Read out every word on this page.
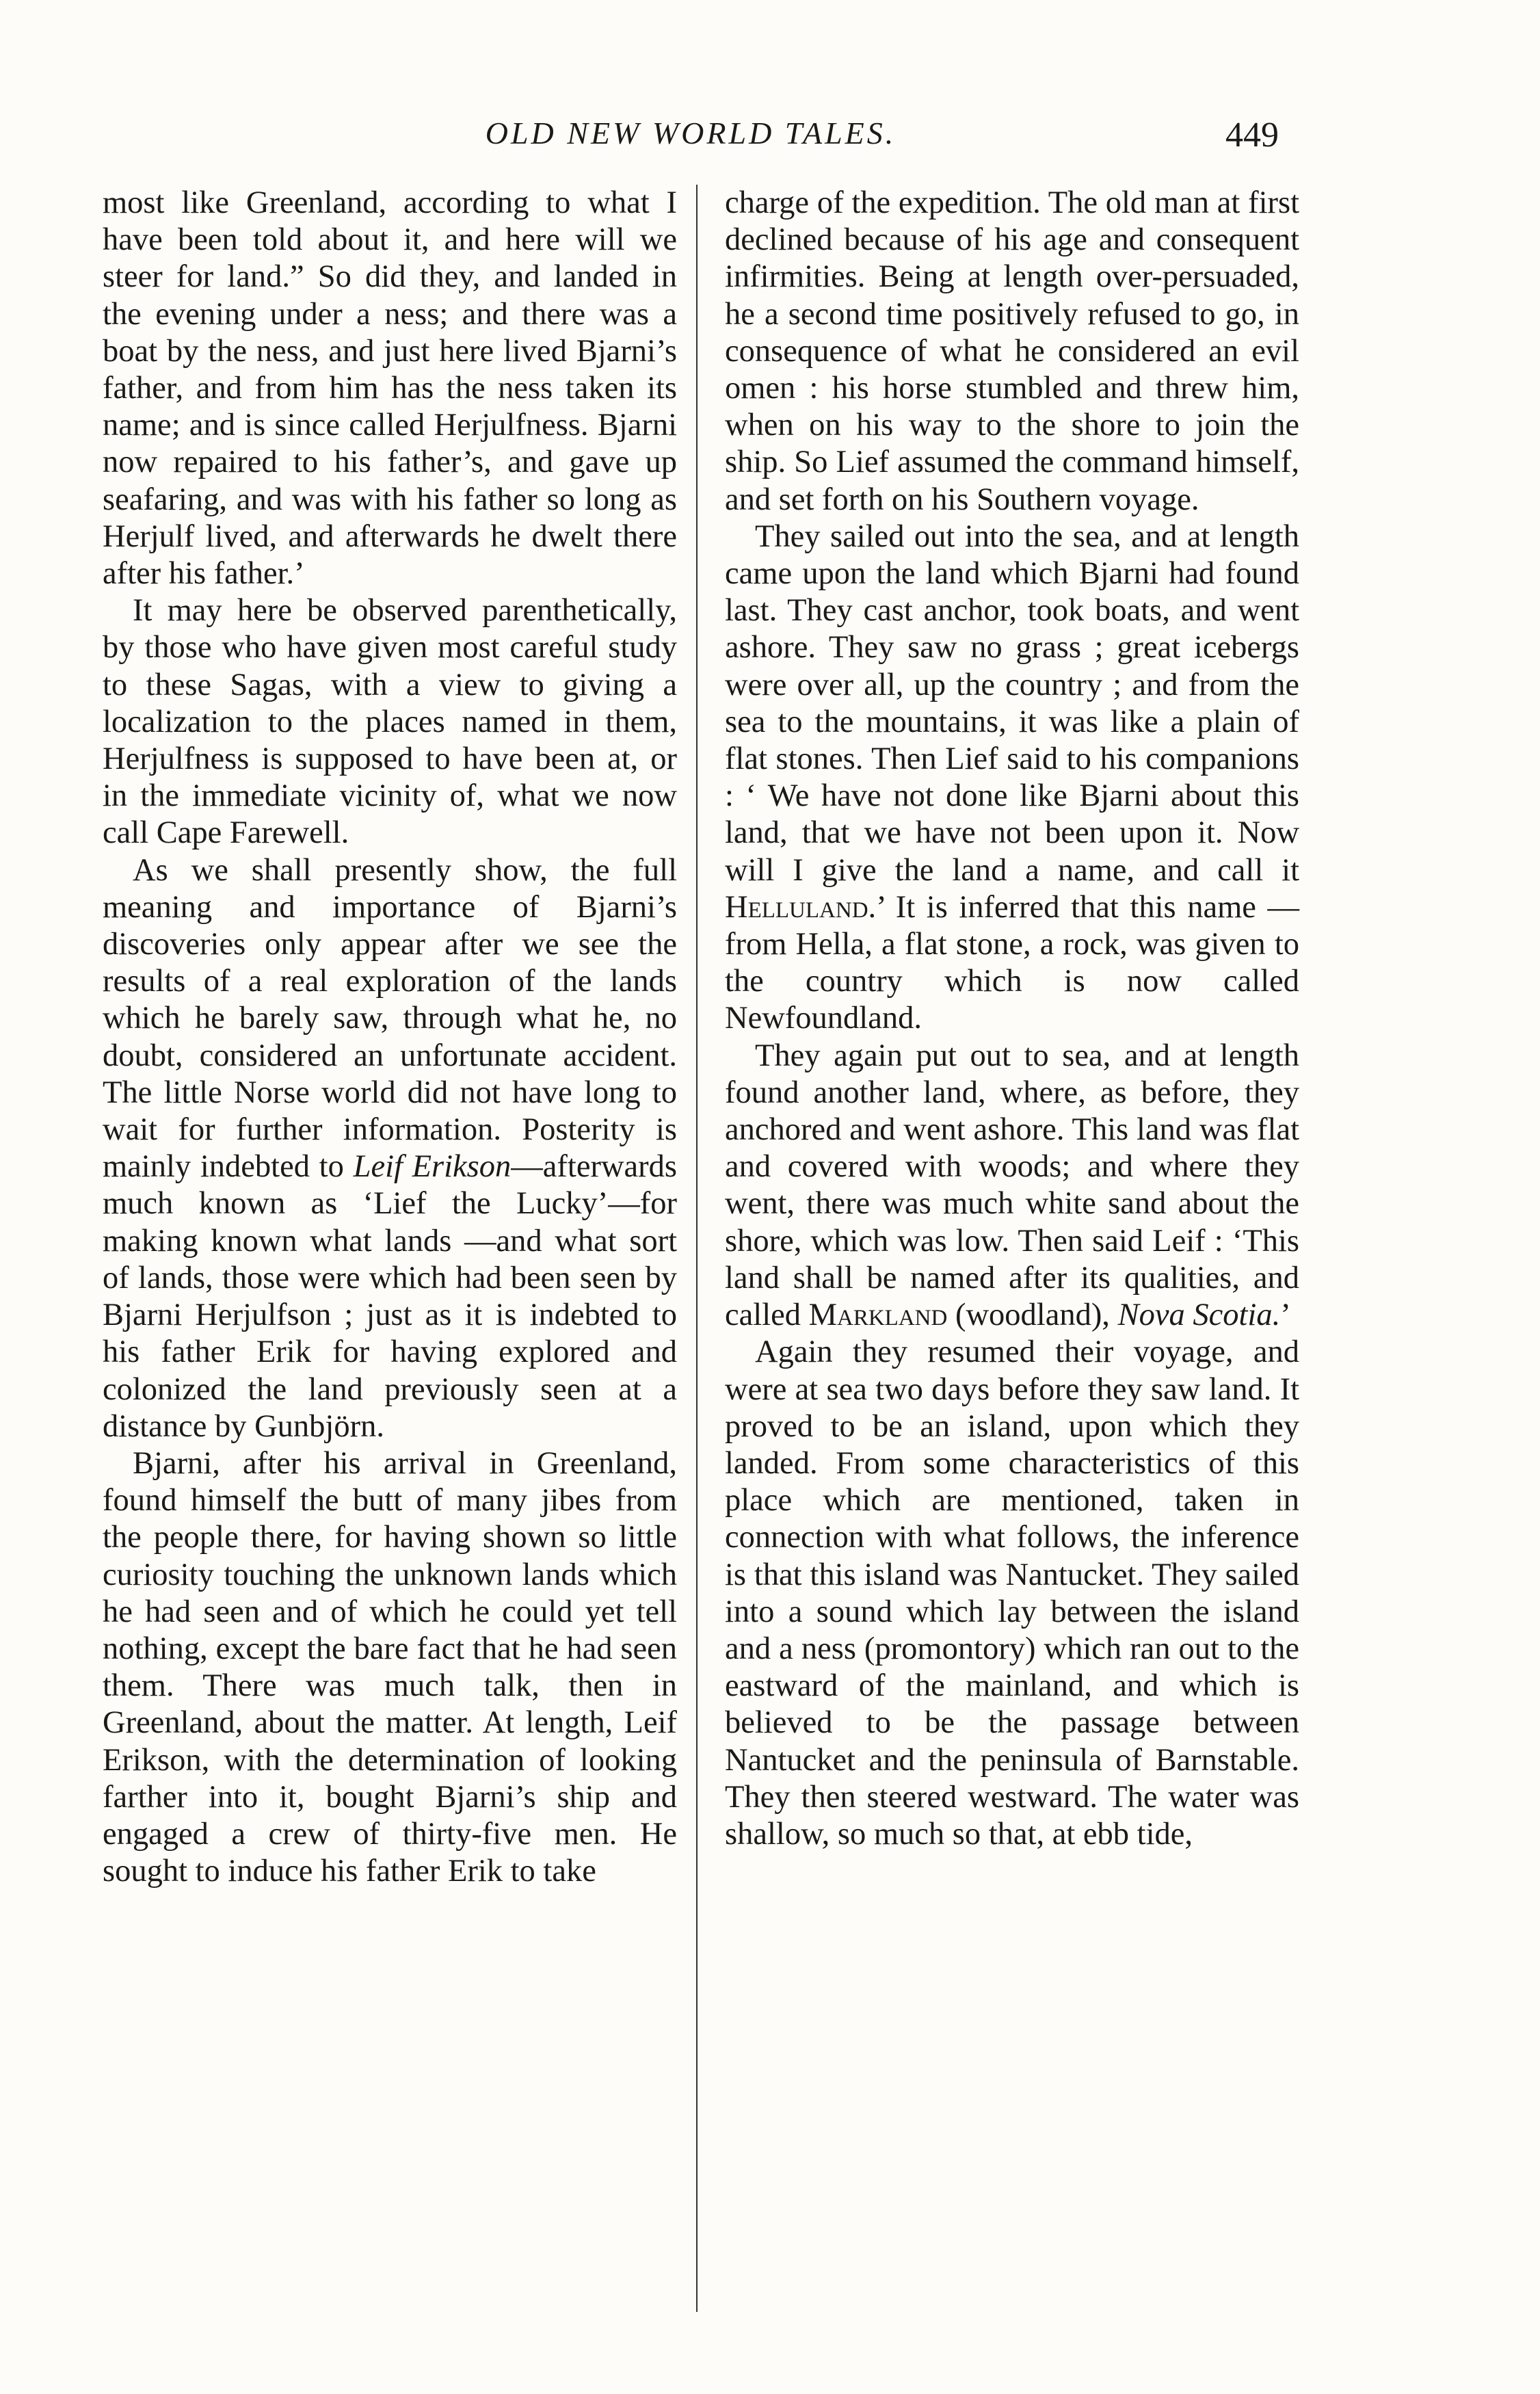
OLD NEW WORLD TALES.	449

most like Greenland, according to what I have been told about it, and here will we steer for land.” So did they, and landed in the evening under a ness; and there was a boat by the ness, and just here lived Bjarni’s father, and from him has the ness taken its name; and is since called Herjulfness. Bjarni now repaired to his father’s, and gave up seafaring, and was with his father so long as Herjulf lived, and afterwards he dwelt there after his father.’

It may here be observed parenthetically, by those who have given most careful study to these Sagas, with a view to giving a localization to the places named in them, Herjulfness is supposed to have been at, or in the immediate vicinity of, what we now call Cape Farewell.

As we shall presently show, the full meaning and importance of Bjarni’s discoveries only appear after we see the results of a real exploration of the lands which he barely saw, through what he, no doubt, considered an unfortunate accident. The little Norse world did not have long to wait for further information. Posterity is mainly indebted to Leif Erikson—afterwards much known as ‘Lief the Lucky’—for making known what lands —and what sort of lands, those were which had been seen by Bjarni Herjulfson ; just as it is indebted to his father Erik for having explored and colonized the land previously seen at a distance by Gunbjörn.

Bjarni, after his arrival in Greenland, found himself the butt of many jibes from the people there, for having shown so little curiosity touching the unknown lands which he had seen and of which he could yet tell nothing, except the bare fact that he had seen them. There was much talk, then in Greenland, about the matter. At length, Leif Erikson, with the determination of looking farther into it, bought Bjarni’s ship and engaged a crew of thirty-five men. He sought to induce his father Erik to take

charge of the expedition. The old man at first declined because of his age and consequent infirmities. Being at length over-persuaded, he a second time positively refused to go, in consequence of what he considered an evil omen : his horse stumbled and threw him, when on his way to the shore to join the ship. So Lief assumed the command himself, and set forth on his Southern voyage.

They sailed out into the sea, and at length came upon the land which Bjarni had found last. They cast anchor, took boats, and went ashore. They saw no grass ; great icebergs were over all, up the country ; and from the sea to the mountains, it was like a plain of flat stones. Then Lief said to his companions : ‘ We have not done like Bjarni about this land, that we have not been upon it. Now will I give the land a name, and call it Helluland.’ It is inferred that this name —from Hella, a flat stone, a rock, was given to the country which is now called Newfoundland.

They again put out to sea, and at length found another land, where, as before, they anchored and went ashore. This land was flat and covered with woods; and where they went, there was much white sand about the shore, which was low. Then said Leif : ‘This land shall be named after its qualities, and called Markland (woodland), Nova Scotia.’

Again they resumed their voyage, and were at sea two days before they saw land. It proved to be an island, upon which they landed. From some characteristics of this place which are mentioned, taken in connection with what follows, the inference is that this island was Nantucket. They sailed into a sound which lay between the island and a ness (promontory) which ran out to the eastward of the mainland, and which is believed to be the passage between Nantucket and the peninsula of Barnstable. They then steered westward. The water was shallow, so much so that, at ebb tide,
